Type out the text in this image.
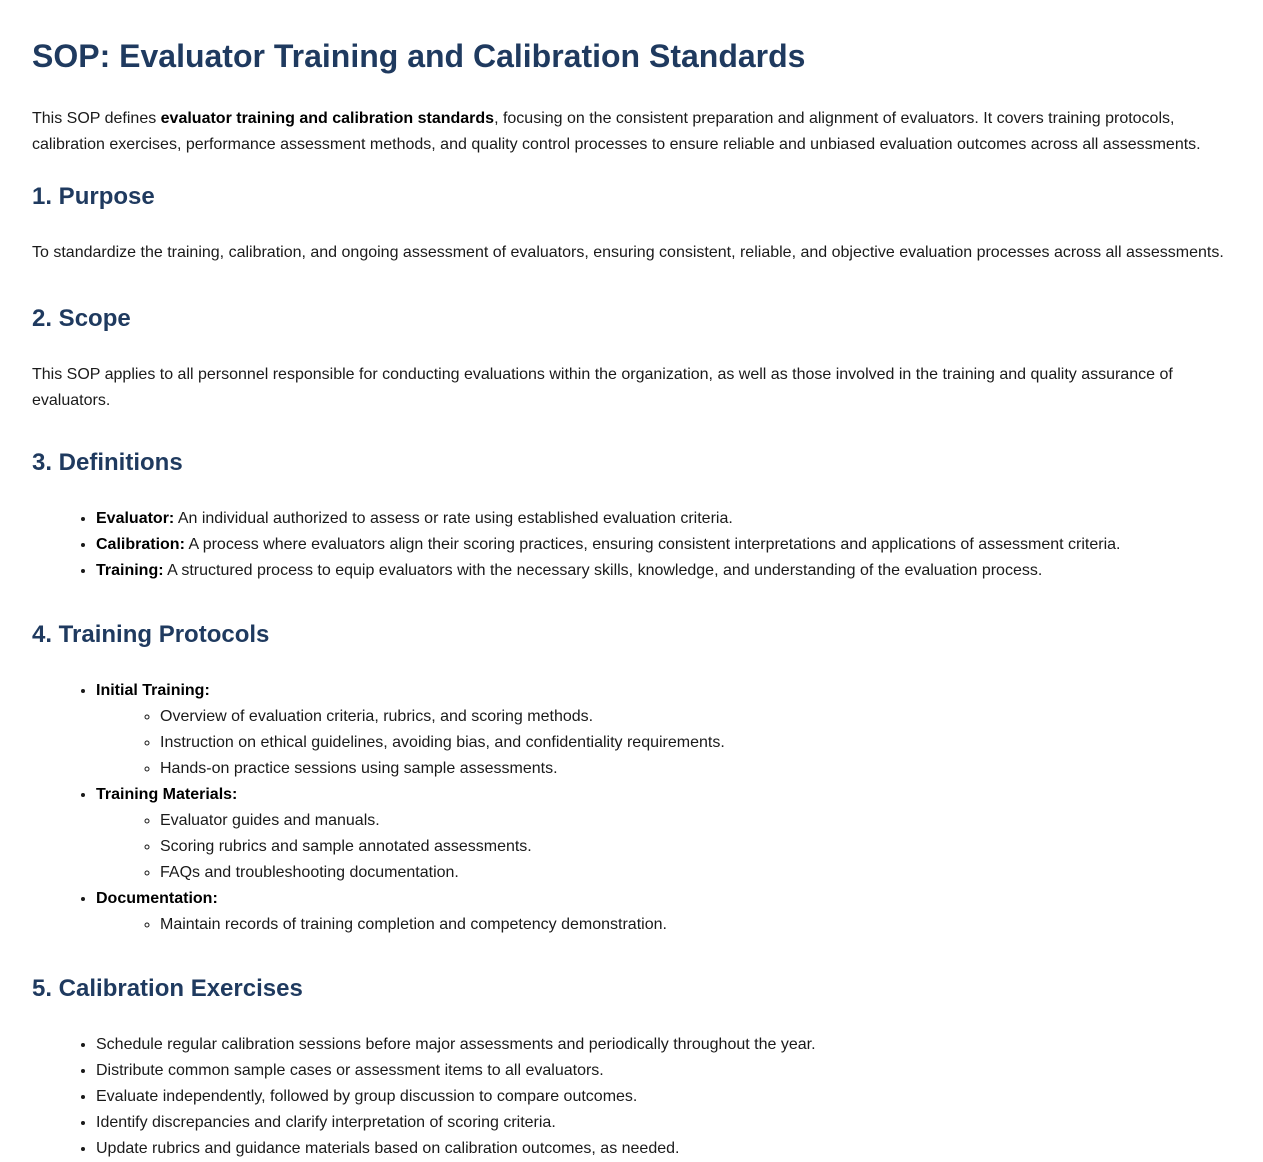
SOP: Evaluator Training and Calibration Standards

This SOP defines evaluator training and calibration standards, focusing on the consistent preparation and alignment of evaluators. It covers training protocols, calibration exercises, performance assessment methods, and quality control processes to ensure reliable and unbiased evaluation outcomes across all assessments.

1. Purpose

To standardize the training, calibration, and ongoing assessment of evaluators, ensuring consistent, reliable, and objective evaluation processes across all assessments.

2. Scope

This SOP applies to all personnel responsible for conducting evaluations within the organization, as well as those involved in the training and quality assurance of evaluators.

3. Definitions
• Evaluator: An individual authorized to assess or rate using established evaluation criteria.
• Calibration: A process where evaluators align their scoring practices, ensuring consistent interpretations and applications of assessment criteria.
• Training: A structured process to equip evaluators with the necessary skills, knowledge, and understanding of the evaluation process.
4. Training Protocols
• Initial Training:
◦ Overview of evaluation criteria, rubrics, and scoring methods.
◦ Instruction on ethical guidelines, avoiding bias, and confidentiality requirements.
◦ Hands-on practice sessions using sample assessments.
• Training Materials:
◦ Evaluator guides and manuals.
◦ Scoring rubrics and sample annotated assessments.
◦ FAQs and troubleshooting documentation.
• Documentation:
◦ Maintain records of training completion and competency demonstration.
5. Calibration Exercises
• Schedule regular calibration sessions before major assessments and periodically throughout the year.
• Distribute common sample cases or assessment items to all evaluators.
• Evaluate independently, followed by group discussion to compare outcomes.
• Identify discrepancies and clarify interpretation of scoring criteria.
• Update rubrics and guidance materials based on calibration outcomes, as needed.
